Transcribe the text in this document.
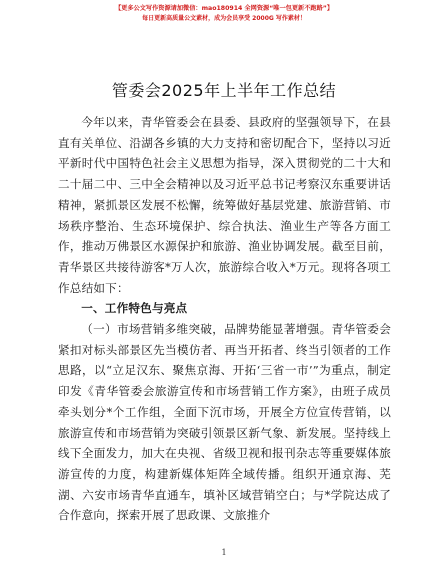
【更多公文写作资源请加微信：mao180914 全网资源“唯一包更新不跑路”】
每日更新高质量公文素材，成为会员享受 2000G 写作素材！
管委会2025年上半年工作总结

今年以来，青华管委会在县委、县政府的坚强领导下，在县直有关单位、沿湖各乡镇的大力支持和密切配合下，坚持以习近平新时代中国特色社会主义思想为指导，深入贯彻党的二十大和二十届二中、三中全会精神以及习近平总书记考察汉东重要讲话精神，紧抓景区发展不松懈，统筹做好基层党建、旅游营销、市场秩序整治、生态环境保护、综合执法、渔业生产等各方面工作，推动万佛景区水源保护和旅游、渔业协调发展。截至目前，青华景区共接待游客*万人次，旅游综合收入*万元。现将各项工作总结如下：

一、工作特色与亮点

（一）市场营销多维突破，品牌势能显著增强。青华管委会紧扣对标头部景区先当模仿者、再当开拓者、终当引领者的工作思路，以“立足汉东、聚焦京海、开拓‘三省一市’”为重点，制定印发《青华管委会旅游宣传和市场营销工作方案》，由班子成员牵头划分*个工作组，全面下沉市场，开展全方位宣传营销，以旅游宣传和市场营销为突破引领景区新气象、新发展。坚持线上线下全面发力，加大在央视、省级卫视和报刊杂志等重要媒体旅游宣传的力度，构建新媒体矩阵全域传播。组织开通京海、芜湖、六安市场青华直通车，填补区域营销空白；与*学院达成了合作意向，探索开展了思政课、文旅推介

1
